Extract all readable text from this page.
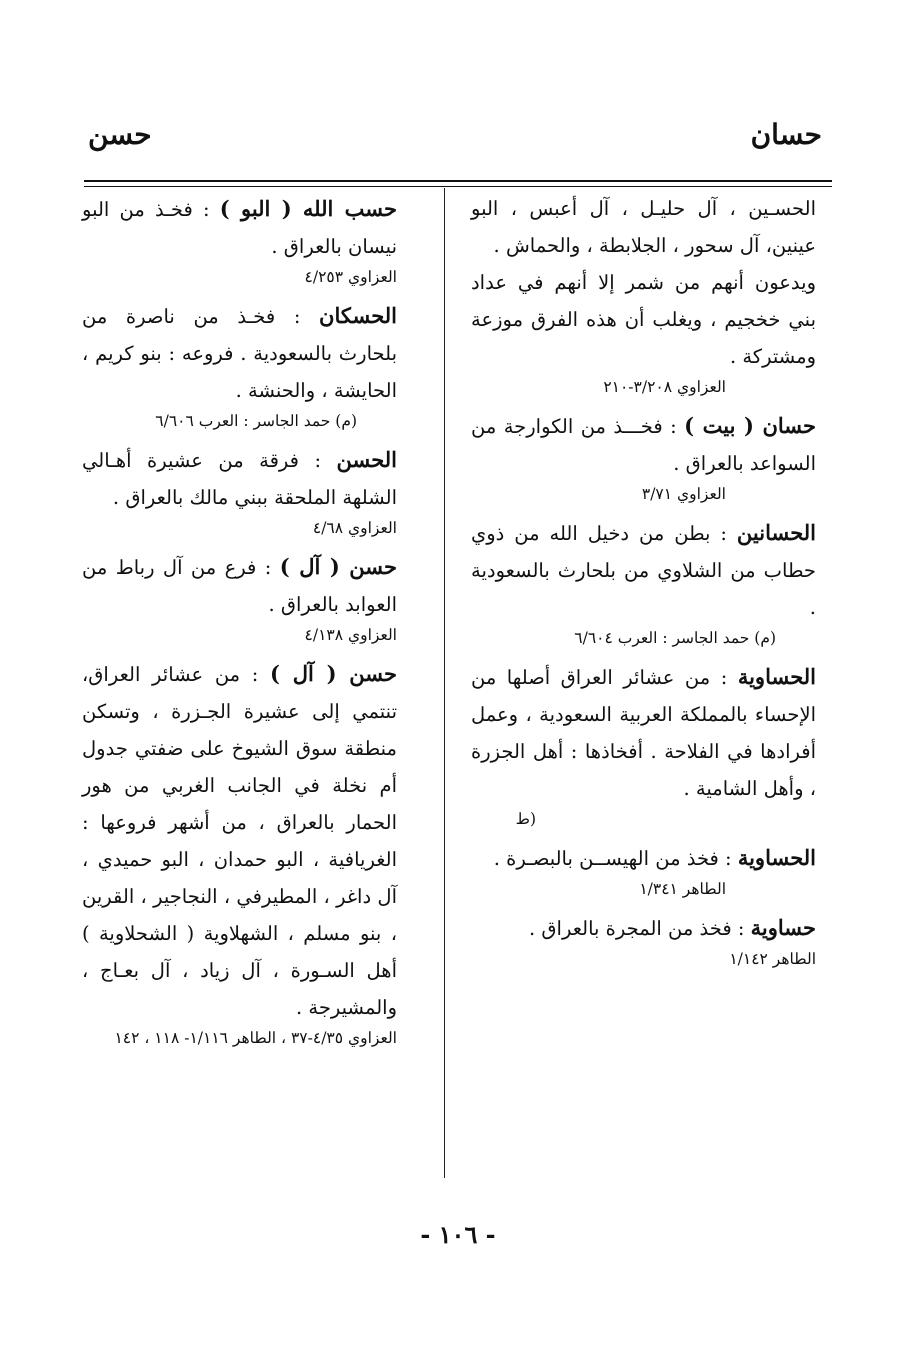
حسان
حسن
الحسـين ، آل حليـل ، آل أعبس ، البو عينين، آل سحور ، الجلابطة ، والحماش .
ويدعون أنهم من شمر إلا أنهم في عداد بني خخجيم ، ويغلب أن هذه الفرق موزعة ومشتركة .
العزاوي ٣/٢٠٨-٢١٠
حسان ( بيت ) : فخـــذ من الكوارجة من السواعد بالعراق .
العزاوي ٣/٧١
الحسانين : بطن من دخيل الله من ذوي حطاب من الشلاوي من بلحارث بالسعودية .
(م) حمد الجاسر : العرب ٦/٦٠٤
الحساوية : من عشائر العراق أصلها من الإحساء بالمملكة العربية السعودية ، وعمل أفرادها في الفلاحة . أفخاذها : أهل الجزرة ، وأهل الشامية .
(ط
الحساوية : فخذ من الهيســن بالبصـرة .
الطاهر ١/٣٤١
حساوية : فخذ من المجرة بالعراق .
الطاهر ١/١٤٢
حسب الله ( البو ) : فخـذ من البو نيسان بالعراق .
العزاوي ٤/٢٥٣
الحسكان : فخـذ من ناصرة من بلحارث بالسعودية . فروعه : بنو كريم ، الحايشة ، والحنشة .
(م) حمد الجاسر : العرب ٦/٦٠٦
الحسن : فرقة من عشيرة أهـالي الشلهة الملحقة ببني مالك بالعراق .
العزاوي ٤/٦٨
حسن ( آل ) : فرع من آل رباط من العوابد بالعراق .
العزاوي ٤/١٣٨
حسن ( آل ) : من عشائر العراق، تنتمي إلى عشيرة الجـزرة ، وتسكن منطقة سوق الشيوخ على ضفتي جدول أم نخلة في الجانب الغربي من هور الحمار بالعراق ، من أشهر فروعها : الغريافية ، البو حمدان ، البو حميدي ، آل داغر ، المطيرفي ، النجاجير ، القرين ، بنو مسلم ، الشهلاوية ( الشحلاوية ) أهل السـورة ، آل زياد ، آل بعـاج ، والمشيرجة .
العزاوي ٤/٣٥-٣٧ ، الطاهر ١/١١٦- ١١٨ ، ١٤٢
- ١٠٦ -
